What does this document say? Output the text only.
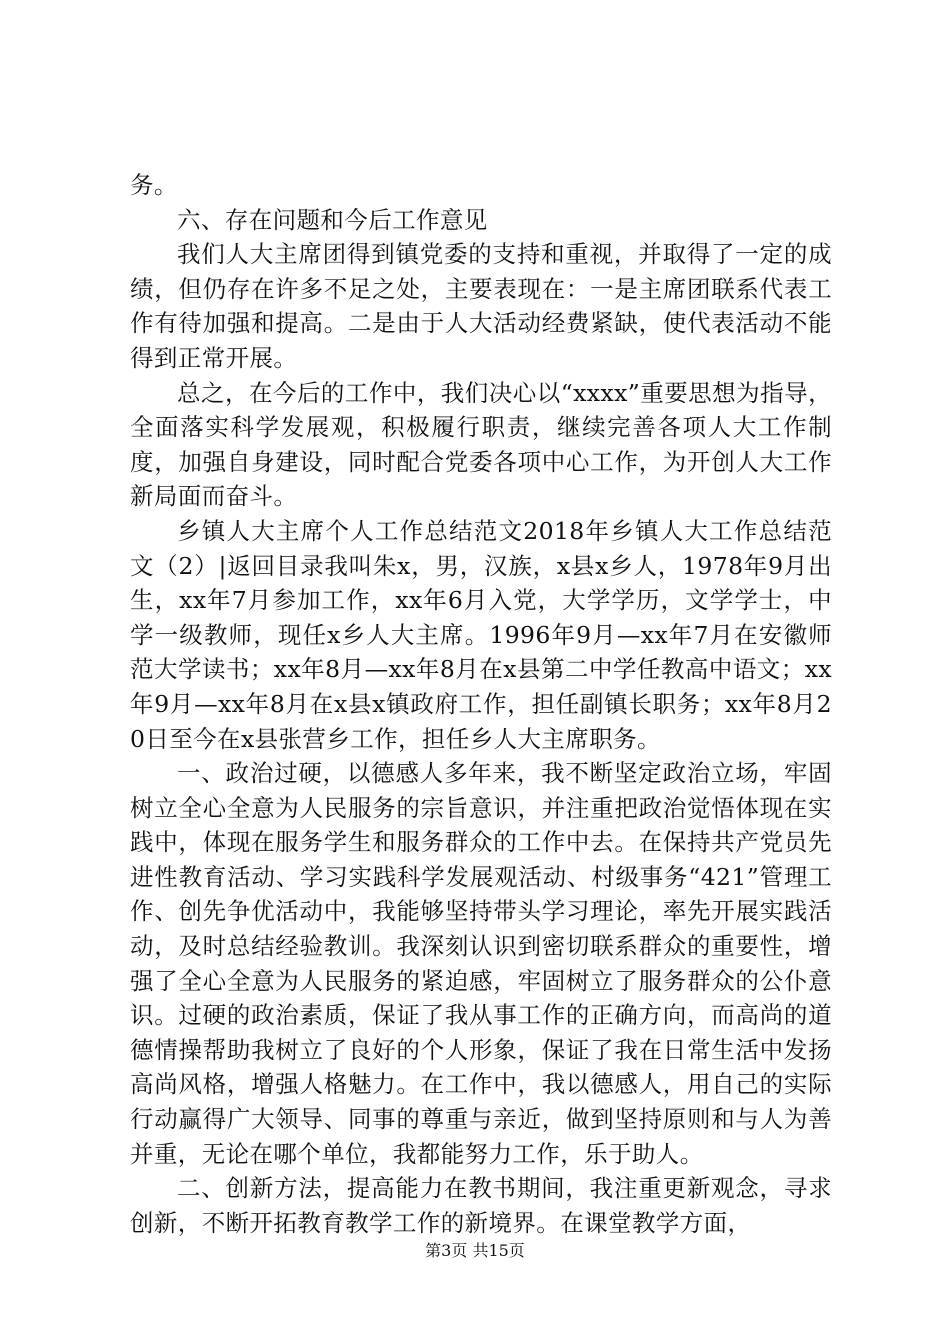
务。

六、存在问题和今后工作意见

我们人大主席团得到镇党委的支持和重视，并取得了一定的成绩，但仍存在许多不足之处，主要表现在：一是主席团联系代表工作有待加强和提高。二是由于人大活动经费紧缺，使代表活动不能得到正常开展。

总之，在今后的工作中，我们决心以“xxxx”重要思想为指导，全面落实科学发展观，积极履行职责，继续完善各项人大工作制度，加强自身建设，同时配合党委各项中心工作，为开创人大工作新局面而奋斗。

乡镇人大主席个人工作总结范文2018年乡镇人大工作总结范文（2）|返回目录我叫朱x，男，汉族，x县x乡人，1978年9月出生，xx年7月参加工作，xx年6月入党，大学学历，文学学士，中学一级教师，现任x乡人大主席。1996年9月—xx年7月在安徽师范大学读书；xx年8月—xx年8月在x县第二中学任教高中语文；xx年9月—xx年8月在x县x镇政府工作，担任副镇长职务；xx年8月20日至今在x县张营乡工作，担任乡人大主席职务。

一、政治过硬，以德感人多年来，我不断坚定政治立场，牢固树立全心全意为人民服务的宗旨意识，并注重把政治觉悟体现在实践中，体现在服务学生和服务群众的工作中去。在保持共产党员先进性教育活动、学习实践科学发展观活动、村级事务“421”管理工作、创先争优活动中，我能够坚持带头学习理论，率先开展实践活动，及时总结经验教训。我深刻认识到密切联系群众的重要性，增强了全心全意为人民服务的紧迫感，牢固树立了服务群众的公仆意识。过硬的政治素质，保证了我从事工作的正确方向，而高尚的道德情操帮助我树立了良好的个人形象，保证了我在日常生活中发扬高尚风格，增强人格魅力。在工作中，我以德感人，用自己的实际行动赢得广大领导、同事的尊重与亲近，做到坚持原则和与人为善并重，无论在哪个单位，我都能努力工作，乐于助人。

二、创新方法，提高能力在教书期间，我注重更新观念，寻求创新，不断开拓教育教学工作的新境界。在课堂教学方面，

第3页 共15页
